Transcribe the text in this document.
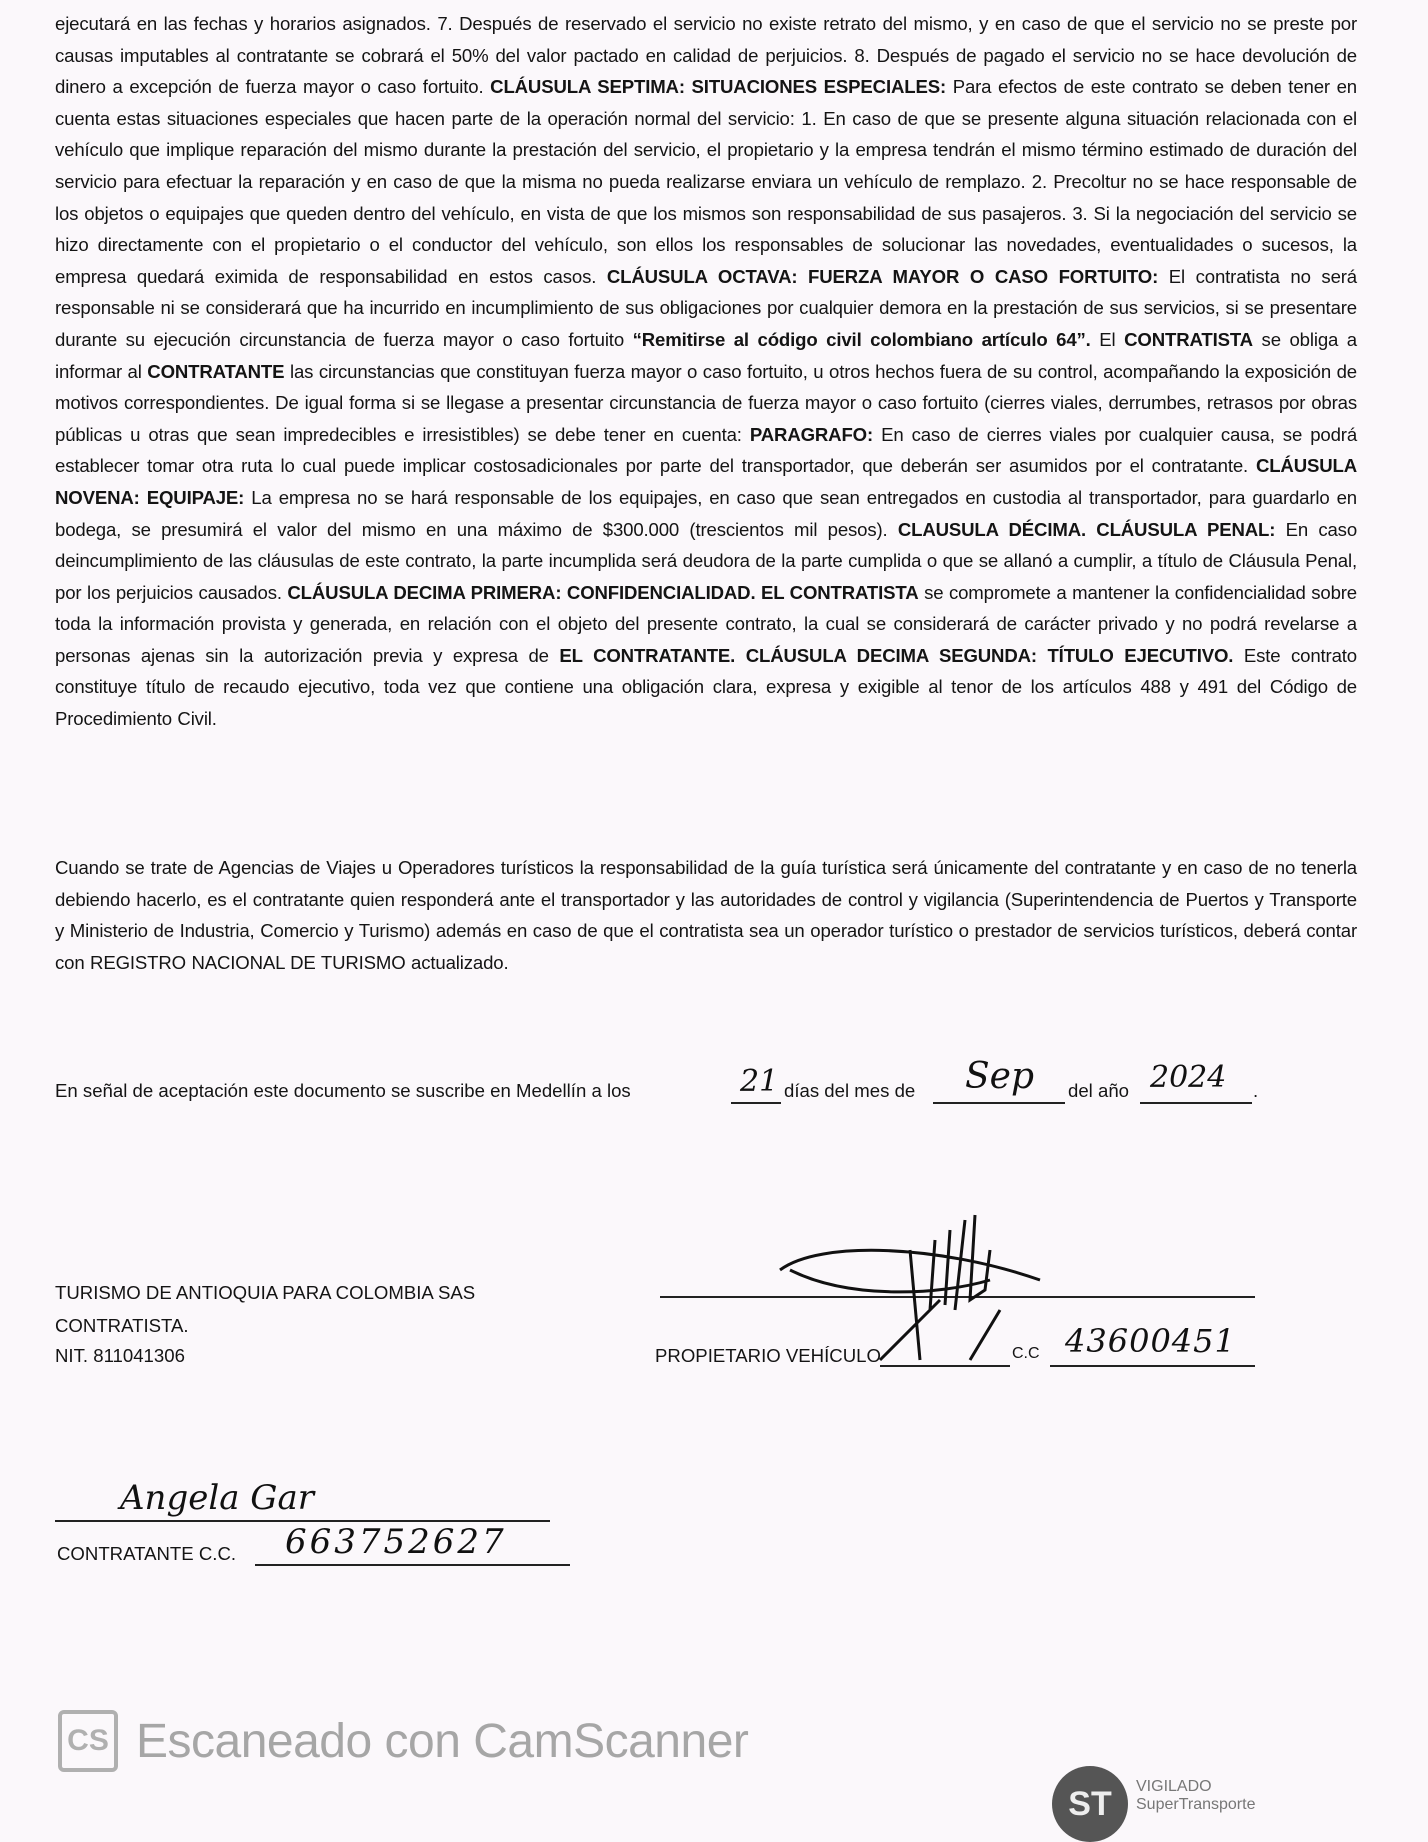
ejecutará en las fechas y horarios asignados. 7. Después de reservado el servicio no existe retrato del mismo, y en caso de que el servicio no se preste por causas imputables al contratante se cobrará el 50% del valor pactado en calidad de perjuicios. 8. Después de pagado el servicio no se hace devolución de dinero a excepción de fuerza mayor o caso fortuito. CLÁUSULA SEPTIMA: SITUACIONES ESPECIALES: Para efectos de este contrato se deben tener en cuenta estas situaciones especiales que hacen parte de la operación normal del servicio: 1. En caso de que se presente alguna situación relacionada con el vehículo que implique reparación del mismo durante la prestación del servicio, el propietario y la empresa tendrán el mismo término estimado de duración del servicio para efectuar la reparación y en caso de que la misma no pueda realizarse enviara un vehículo de remplazo. 2. Precoltur no se hace responsable de los objetos o equipajes que queden dentro del vehículo, en vista de que los mismos son responsabilidad de sus pasajeros. 3. Si la negociación del servicio se hizo directamente con el propietario o el conductor del vehículo, son ellos los responsables de solucionar las novedades, eventualidades o sucesos, la empresa quedará eximida de responsabilidad en estos casos. CLÁUSULA OCTAVA: FUERZA MAYOR O CASO FORTUITO: El contratista no será responsable ni se considerará que ha incurrido en incumplimiento de sus obligaciones por cualquier demora en la prestación de sus servicios, si se presentare durante su ejecución circunstancia de fuerza mayor o caso fortuito “Remitirse al código civil colombiano artículo 64”. El CONTRATISTA se obliga a informar al CONTRATANTE las circunstancias que constituyan fuerza mayor o caso fortuito, u otros hechos fuera de su control, acompañando la exposición de motivos correspondientes. De igual forma si se llegase a presentar circunstancia de fuerza mayor o caso fortuito (cierres viales, derrumbes, retrasos por obras públicas u otras que sean impredecibles e irresistibles) se debe tener en cuenta: PARAGRAFO: En caso de cierres viales por cualquier causa, se podrá establecer tomar otra ruta lo cual puede implicar costosadicionales por parte del transportador, que deberán ser asumidos por el contratante. CLÁUSULA NOVENA: EQUIPAJE: La empresa no se hará responsable de los equipajes, en caso que sean entregados en custodia al transportador, para guardarlo en bodega, se presumirá el valor del mismo en una máximo de $300.000 (trescientos mil pesos). CLAUSULA DÉCIMA. CLÁUSULA PENAL: En caso deincumplimiento de las cláusulas de este contrato, la parte incumplida será deudora de la parte cumplida o que se allanó a cumplir, a título de Cláusula Penal, por los perjuicios causados. CLÁUSULA DECIMA PRIMERA: CONFIDENCIALIDAD. EL CONTRATISTA se compromete a mantener la confidencialidad sobre toda la información provista y generada, en relación con el objeto del presente contrato, la cual se considerará de carácter privado y no podrá revelarse a personas ajenas sin la autorización previa y expresa de EL CONTRATANTE. CLÁUSULA DECIMA SEGUNDA: TÍTULO EJECUTIVO. Este contrato constituye título de recaudo ejecutivo, toda vez que contiene una obligación clara, expresa y exigible al tenor de los artículos 488 y 491 del Código de Procedimiento Civil.
Cuando se trate de Agencias de Viajes u Operadores turísticos la responsabilidad de la guía turística será únicamente del contratante y en caso de no tenerla debiendo hacerlo, es el contratante quien responderá ante el transportador y las autoridades de control y vigilancia (Superintendencia de Puertos y Transporte y Ministerio de Industria, Comercio y Turismo) además en caso de que el contratista sea un operador turístico o prestador de servicios turísticos, deberá contar con REGISTRO NACIONAL DE TURISMO actualizado.
En señal de aceptación este documento se suscribe en Medellín a los	21 días del mes de Sep del año 2024 .
TURISMO DE ANTIOQUIA PARA COLOMBIA SAS
CONTRATISTA.
NIT. 811041306	PROPIETARIO VEHÍCULO	C.C 43600451
Angela Gar
CONTRATANTE C.C. 663752627
CS Escaneado con CamScanner
ST	VIGILADO
SuperTransporte
